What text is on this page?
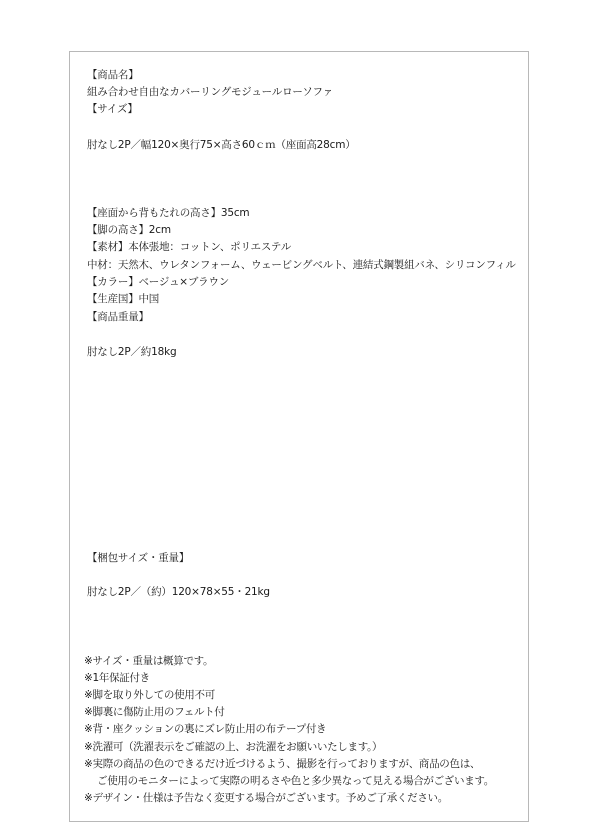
【商品名】
組み合わせ自由なカバーリングモジュールローソファ
【サイズ】
肘なし2P／幅120×奥行75×高さ60ｃｍ（座面高28cm）
【座面から背もたれの高さ】35cm
【脚の高さ】2cm
【素材】本体張地：コットン、ポリエステル
中材：天然木、ウレタンフォーム、ウェービングベルト、連結式鋼製組バネ、シリコンフィル
【カラー】ベージュ×ブラウン
【生産国】中国
【商品重量】
肘なし2P／約18kg
【梱包サイズ・重量】
肘なし2P／（約）120×78×55・21kg
※サイズ・重量は概算です。
※1年保証付き
※脚を取り外しての使用不可
※脚裏に傷防止用のフェルト付
※背・座クッションの裏にズレ防止用の布テープ付き
※洗濯可（洗濯表示をご確認の上、お洗濯をお願いいたします。）
※実際の商品の色のできるだけ近づけるよう、撮影を行っておりますが、商品の色は、
ご使用のモニターによって実際の明るさや色と多少異なって見える場合がございます。
※デザイン・仕様は予告なく変更する場合がございます。予めご了承ください。
